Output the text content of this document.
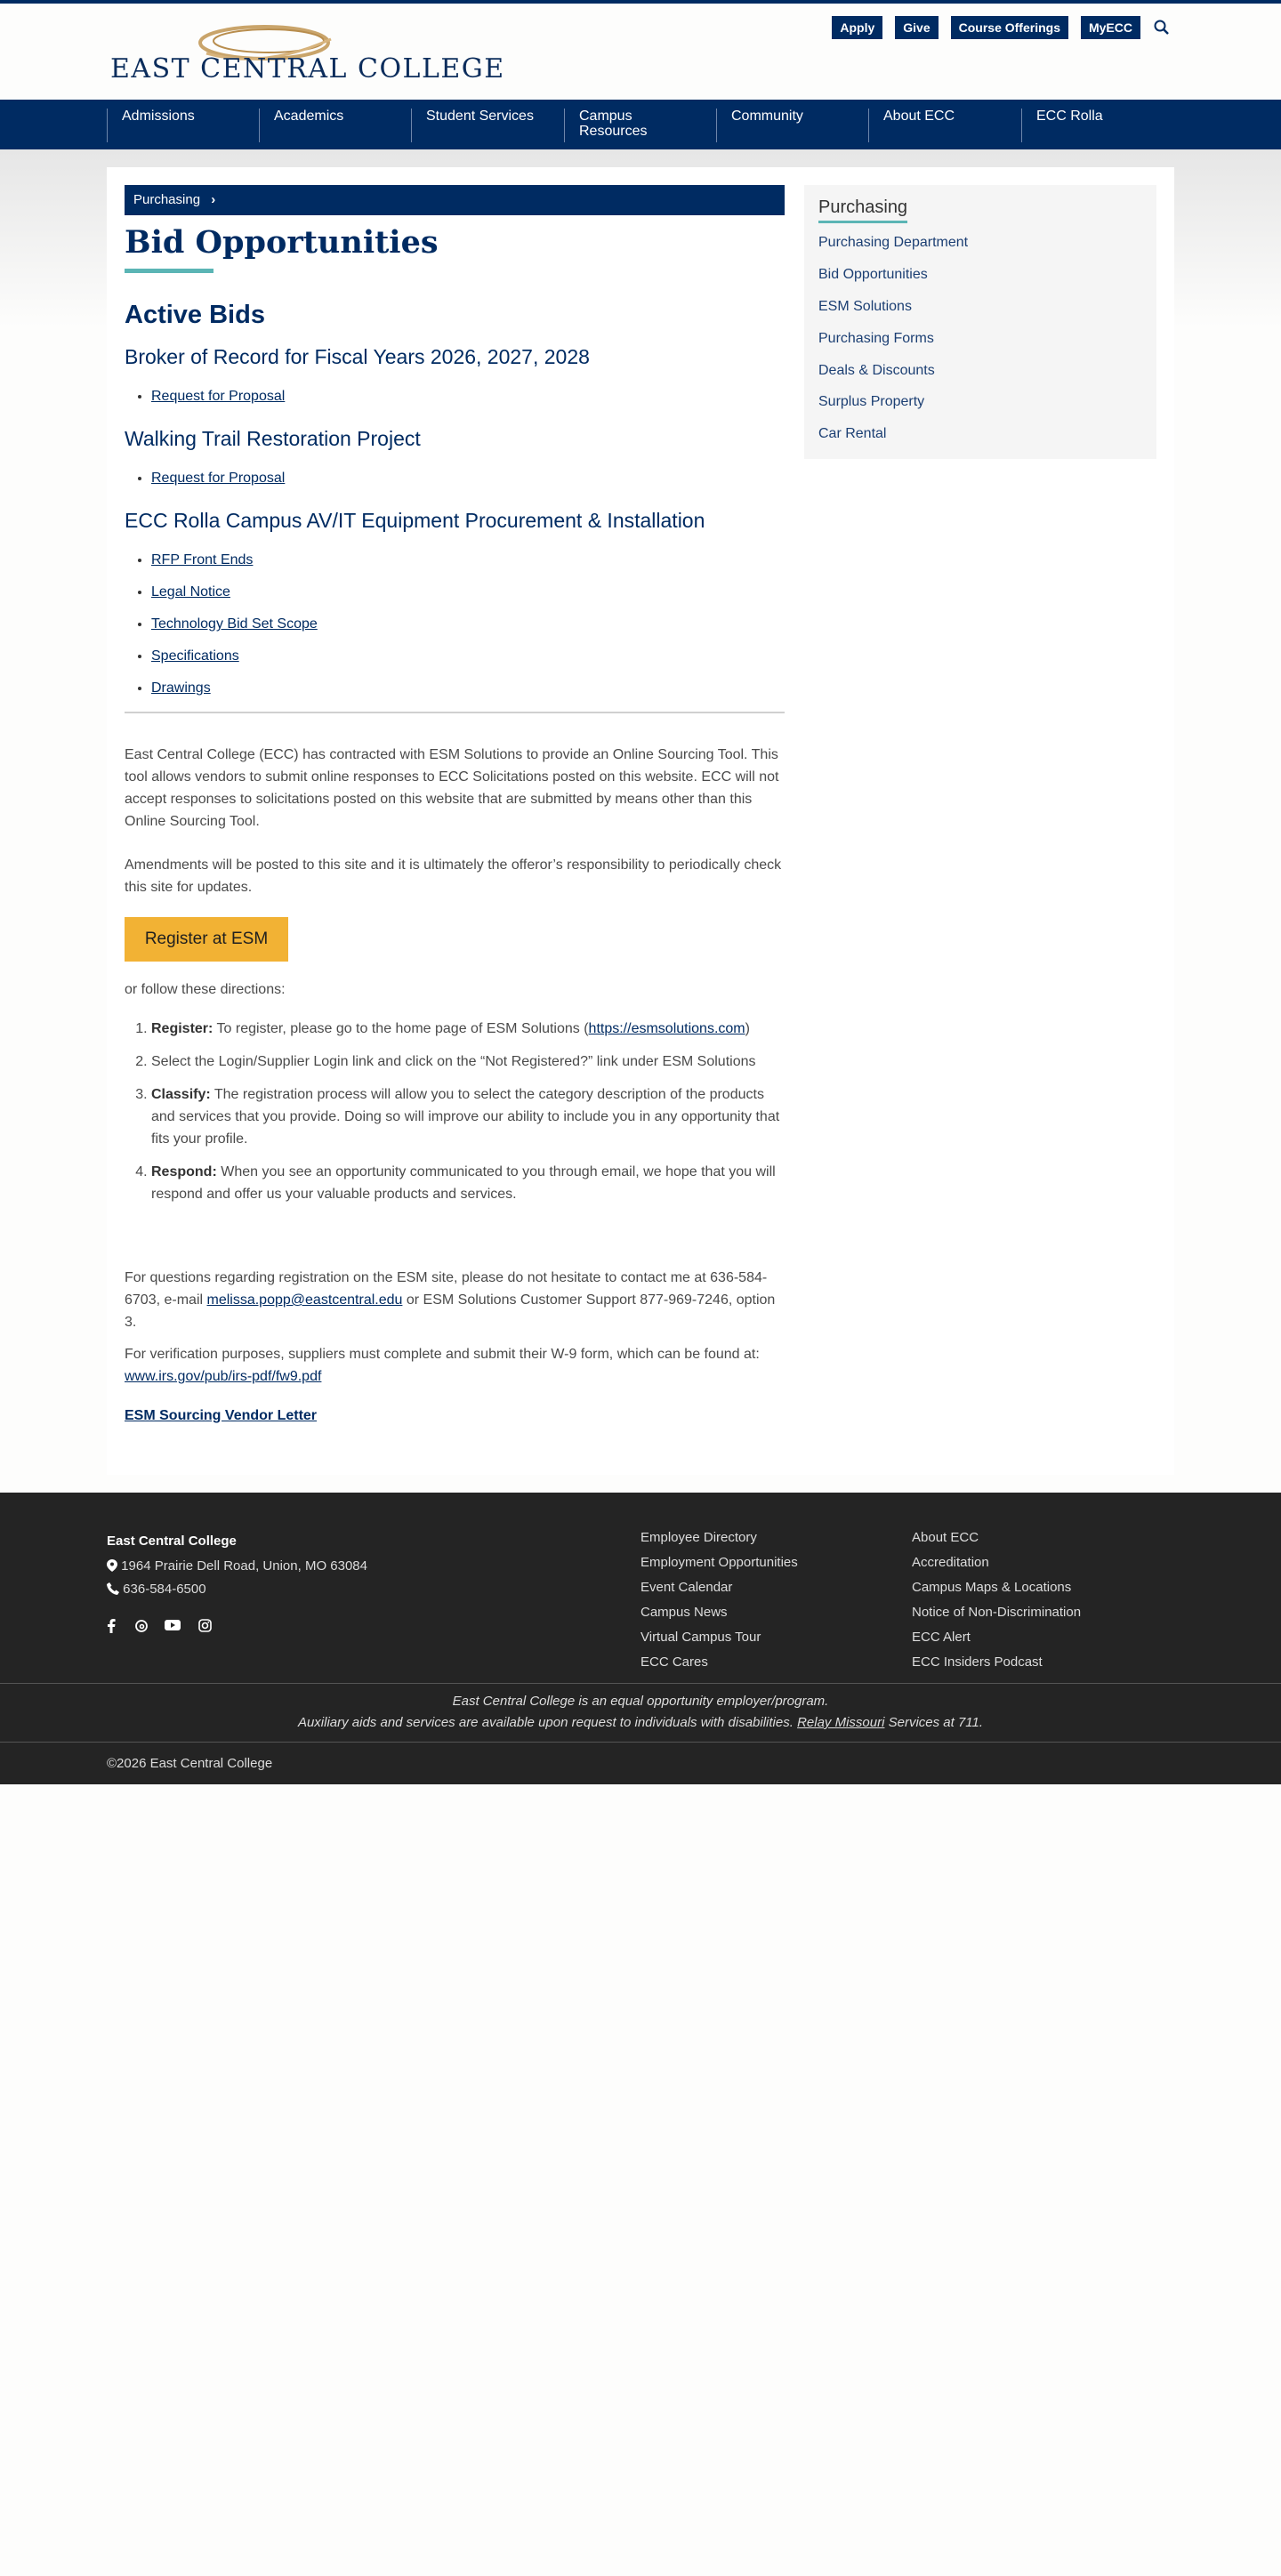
EAST CENTRAL COLLEGE
Apply	Give	Course Offerings	MyECC
Admissions	Academics	Student Services	Campus
Resources
Community	About ECC	ECC Rolla
Purchasing ›
Bid Opportunities
Active Bids
Broker of Record for Fiscal Years 2026, 2027, 2028
• Request for Proposal
Walking Trail Restoration Project
• Request for Proposal
ECC Rolla Campus AV/IT Equipment Procurement & Installation
• RFP Front Ends
• Legal Notice
• Technology Bid Set Scope
• Specifications
• Drawings

East Central College (ECC) has contracted with ESM Solutions to provide an Online Sourcing Tool. This tool allows vendors to submit online responses to ECC Solicitations posted on this website. ECC will not accept responses to solicitations posted on this website that are submitted by means other than this Online Sourcing Tool.

Amendments will be posted to this site and it is ultimately the offeror’s responsibility to periodically check this site for updates.

Register at ESM

or follow these directions:

1. Register: To register, please go to the home page of ESM Solutions (https://esmsolutions.com)
2. Select the Login/Supplier Login link and click on the “Not Registered?” link under ESM Solutions
3. Classify: The registration process will allow you to select the category description of the products and services that you provide. Doing so will improve our ability to include you in any opportunity that fits your profile.
4. Respond: When you see an opportunity communicated to you through email, we hope that you will respond and offer us your valuable products and services.

For questions regarding registration on the ESM site, please do not hesitate to contact me at 636-584-6703, e-mail melissa.popp@eastcentral.edu or ESM Solutions Customer Support 877-969-7246, option 3.

For verification purposes, suppliers must complete and submit their W-9 form, which can be found at: www.irs.gov/pub/irs-pdf/fw9.pdf

ESM Sourcing Vendor Letter
Purchasing
Purchasing Department
Bid Opportunities
ESM Solutions
Purchasing Forms
Deals & Discounts
Surplus Property
Car Rental
East Central College
1964 Prairie Dell Road, Union, MO 63084
636-584-6500
Employee Directory
Employment Opportunities
Event Calendar
Campus News
Virtual Campus Tour
ECC Cares
About ECC
Accreditation
Campus Maps & Locations
Notice of Non-Discrimination
ECC Alert
ECC Insiders Podcast
East Central College is an equal opportunity employer/program.
Auxiliary aids and services are available upon request to individuals with disabilities. Relay Missouri Services at 711.
©2026 East Central College
